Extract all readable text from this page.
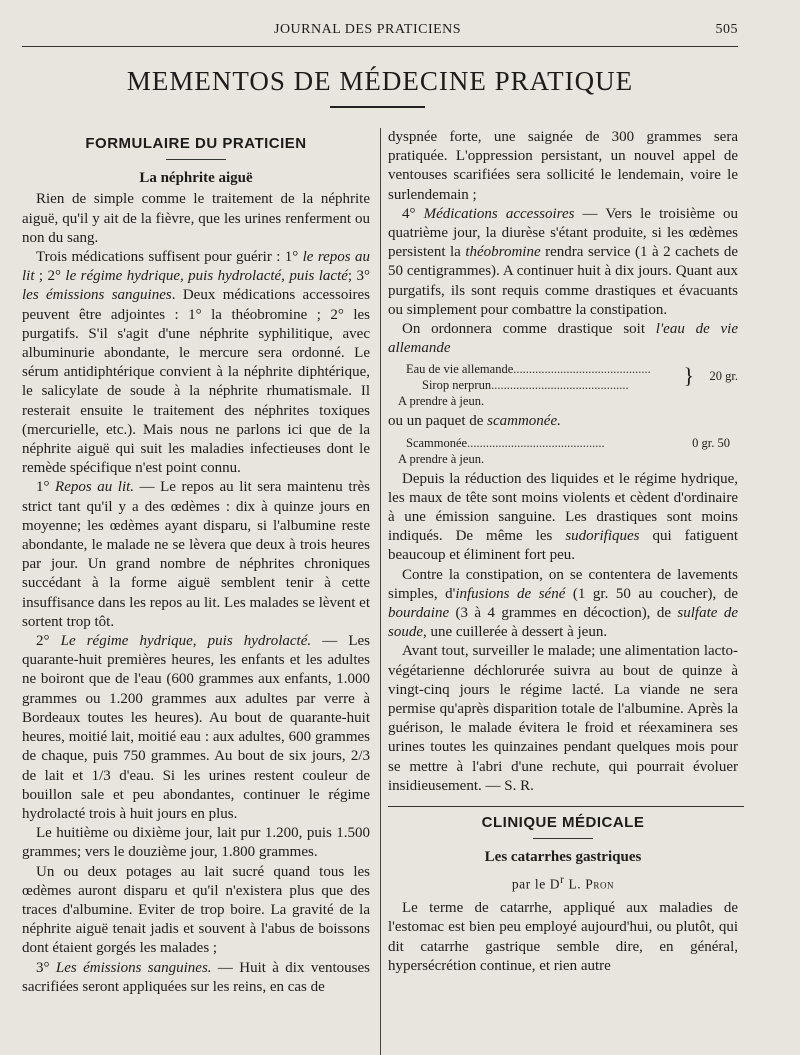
JOURNAL DES PRATICIENS	505
MEMENTOS DE MÉDECINE PRATIQUE
FORMULAIRE DU PRATICIEN
La néphrite aiguë

Rien de simple comme le traitement de la néphrite aiguë, qu'il y ait de la fièvre, que les urines renferment ou non du sang.

Trois médications suffisent pour guérir : 1° le repos au lit ; 2° le régime hydrique, puis hydrolacté, puis lacté; 3° les émissions sanguines. Deux médications accessoires peuvent être adjointes : 1° la théobromine ; 2° les purgatifs. S'il s'agit d'une néphrite syphilitique, avec albuminurie abondante, le mercure sera ordonné. Le sérum antidiphtérique convient à la néphrite diphtérique, le salicylate de soude à la néphrite rhumatismale. Il resterait ensuite le traitement des néphrites toxiques (mercurielle, etc.). Mais nous ne parlons ici que de la néphrite aiguë qui suit les maladies infectieuses dont le remède spécifique n'est point connu.

1° Repos au lit. — Le repos au lit sera maintenu très strict tant qu'il y a des œdèmes : dix à quinze jours en moyenne; les œdèmes ayant disparu, si l'albumine reste abondante, le malade ne se lèvera que deux à trois heures par jour. Un grand nombre de néphrites chroniques succédant à la forme aiguë semblent tenir à cette insuffisance dans les repos au lit. Les malades se lèvent et sortent trop tôt.

2° Le régime hydrique, puis hydrolacté. — Les quarante-huit premières heures, les enfants et les adultes ne boiront que de l'eau (600 grammes aux enfants, 1.000 grammes ou 1.200 grammes aux adultes par verre à Bordeaux toutes les heures). Au bout de quarante-huit heures, moitié lait, moitié eau : aux adultes, 600 grammes de chaque, puis 750 grammes. Au bout de six jours, 2/3 de lait et 1/3 d'eau. Si les urines restent couleur de bouillon sale et peu abondantes, continuer le régime hydrolacté trois à huit jours en plus.

Le huitième ou dixième jour, lait pur 1.200, puis 1.500 grammes; vers le douzième jour, 1.800 grammes.

Un ou deux potages au lait sucré quand tous les œdèmes auront disparu et qu'il n'existera plus que des traces d'albumine. Eviter de trop boire. La gravité de la néphrite aiguë tenait jadis et souvent à l'abus de boissons dont étaient gorgés les malades ;

3° Les émissions sanguines. — Huit à dix ventouses sacrifiées seront appliquées sur les reins, en cas de

dyspnée forte, une saignée de 300 grammes sera pratiquée. L'oppression persistant, un nouvel appel de ventouses scarifiées sera sollicité le lendemain, voire le surlendemain ;

4° Médications accessoires — Vers le troisième ou quatrième jour, la diurèse s'étant produite, si les œdèmes persistent la théobromine rendra service (1 à 2 cachets de 50 centigrammes). A continuer huit à dix jours. Quant aux purgatifs, ils sont requis comme drastiques et évacuants ou simplement pour combattre la constipation.

On ordonnera comme drastique soit l'eau de vie allemande

Eau de vie allemande ............................................
Sirop nerprun ............................................	} 20 gr.
A prendre à jeun.

ou un paquet de scammonée.

Scammonée ............................................	0 gr. 50
A prendre à jeun.

Depuis la réduction des liquides et le régime hydrique, les maux de tête sont moins violents et cèdent d'ordinaire à une émission sanguine. Les drastiques sont moins indiqués. De même les sudorifiques qui fatiguent beaucoup et éliminent fort peu.

Contre la constipation, on se contentera de lavements simples, d'infusions de séné (1 gr. 50 au coucher), de bourdaine (3 à 4 grammes en décoction), de sulfate de soude, une cuillerée à dessert à jeun.

Avant tout, surveiller le malade; une alimentation lacto-végétarienne déchlorurée suivra au bout de quinze à vingt-cinq jours le régime lacté. La viande ne sera permise qu'après disparition totale de l'albumine. Après la guérison, le malade évitera le froid et réexaminera ses urines toutes les quinzaines pendant quelques mois pour se mettre à l'abri d'une rechute, qui pourrait évoluer insidieusement. — S. R.

CLINIQUE MÉDICALE
Les catarrhes gastriques
par le $D^r$ L. Pron

Le terme de catarrhe, appliqué aux maladies de l'estomac est bien peu employé aujourd'hui, ou plutôt, qui dit catarrhe gastrique semble dire, en général, hypersécrétion continue, et rien autre
